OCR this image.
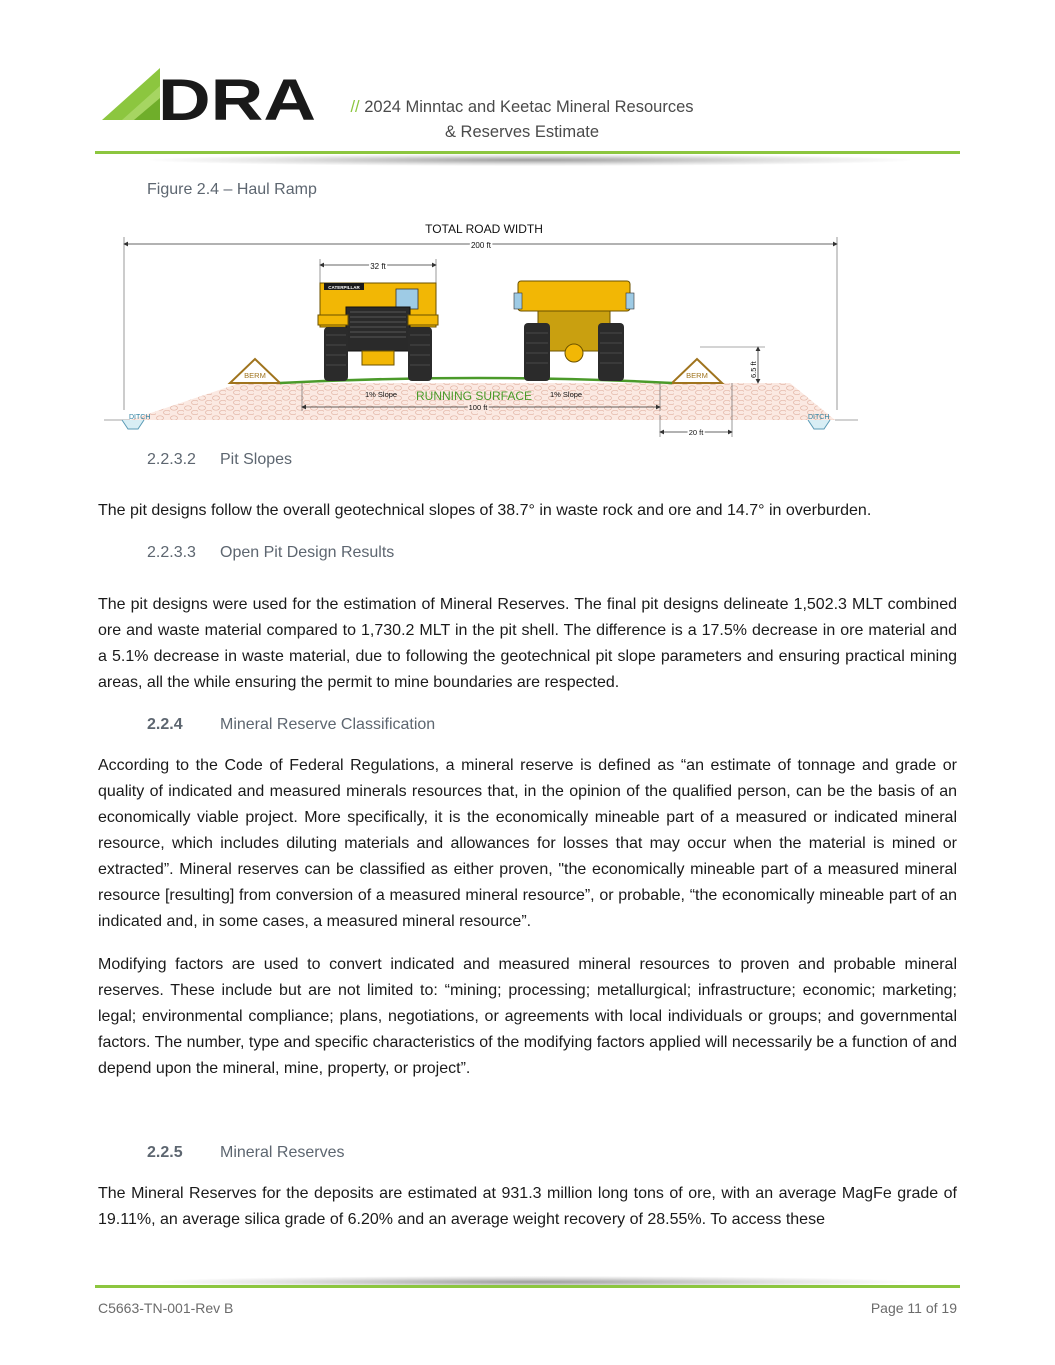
DRA	// 2024 Minntac and Keetac Mineral Resources
& Reserves Estimate
Figure 2.4 – Haul Ramp
TOTAL ROAD WIDTH
200 ft
32 ft
DITCH	DITCH
BERM	BERM	6.5 ft
1% Slope RUNNING SURFACE 1% Slope
100 ft
20 ft
CATERPILLAR
2.2.3.2 Pit Slopes

The pit designs follow the overall geotechnical slopes of 38.7° in waste rock and ore and 14.7° in overburden.

2.2.3.3 Open Pit Design Results

The pit designs were used for the estimation of Mineral Reserves. The final pit designs delineate 1,502.3 MLT combined ore and waste material compared to 1,730.2 MLT in the pit shell. The difference is a 17.5% decrease in ore material and a 5.1% decrease in waste material, due to following the geotechnical pit slope parameters and ensuring practical mining areas, all the while ensuring the permit to mine boundaries are respected.

2.2.4 Mineral Reserve Classification

According to the Code of Federal Regulations, a mineral reserve is defined as “an estimate of tonnage and grade or quality of indicated and measured minerals resources that, in the opinion of the qualified person, can be the basis of an economically viable project. More specifically, it is the economically mineable part of a measured or indicated mineral resource, which includes diluting materials and allowances for losses that may occur when the material is mined or extracted”. Mineral reserves can be classified as either proven, "the economically mineable part of a measured mineral resource [resulting] from conversion of a measured mineral resource”, or probable, “the economically mineable part of an indicated and, in some cases, a measured mineral resource”.

Modifying factors are used to convert indicated and measured mineral resources to proven and probable mineral reserves. These include but are not limited to: “mining; processing; metallurgical; infrastructure; economic; marketing; legal; environmental compliance; plans, negotiations, or agreements with local individuals or groups; and governmental factors. The number, type and specific characteristics of the modifying factors applied will necessarily be a function of and depend upon the mineral, mine, property, or project”.

2.2.5 Mineral Reserves

The Mineral Reserves for the deposits are estimated at 931.3 million long tons of ore, with an average MagFe grade of 19.11%, an average silica grade of 6.20% and an average weight recovery of 28.55%. To access these

C5663-TN-001-Rev B	Page 11 of 19
